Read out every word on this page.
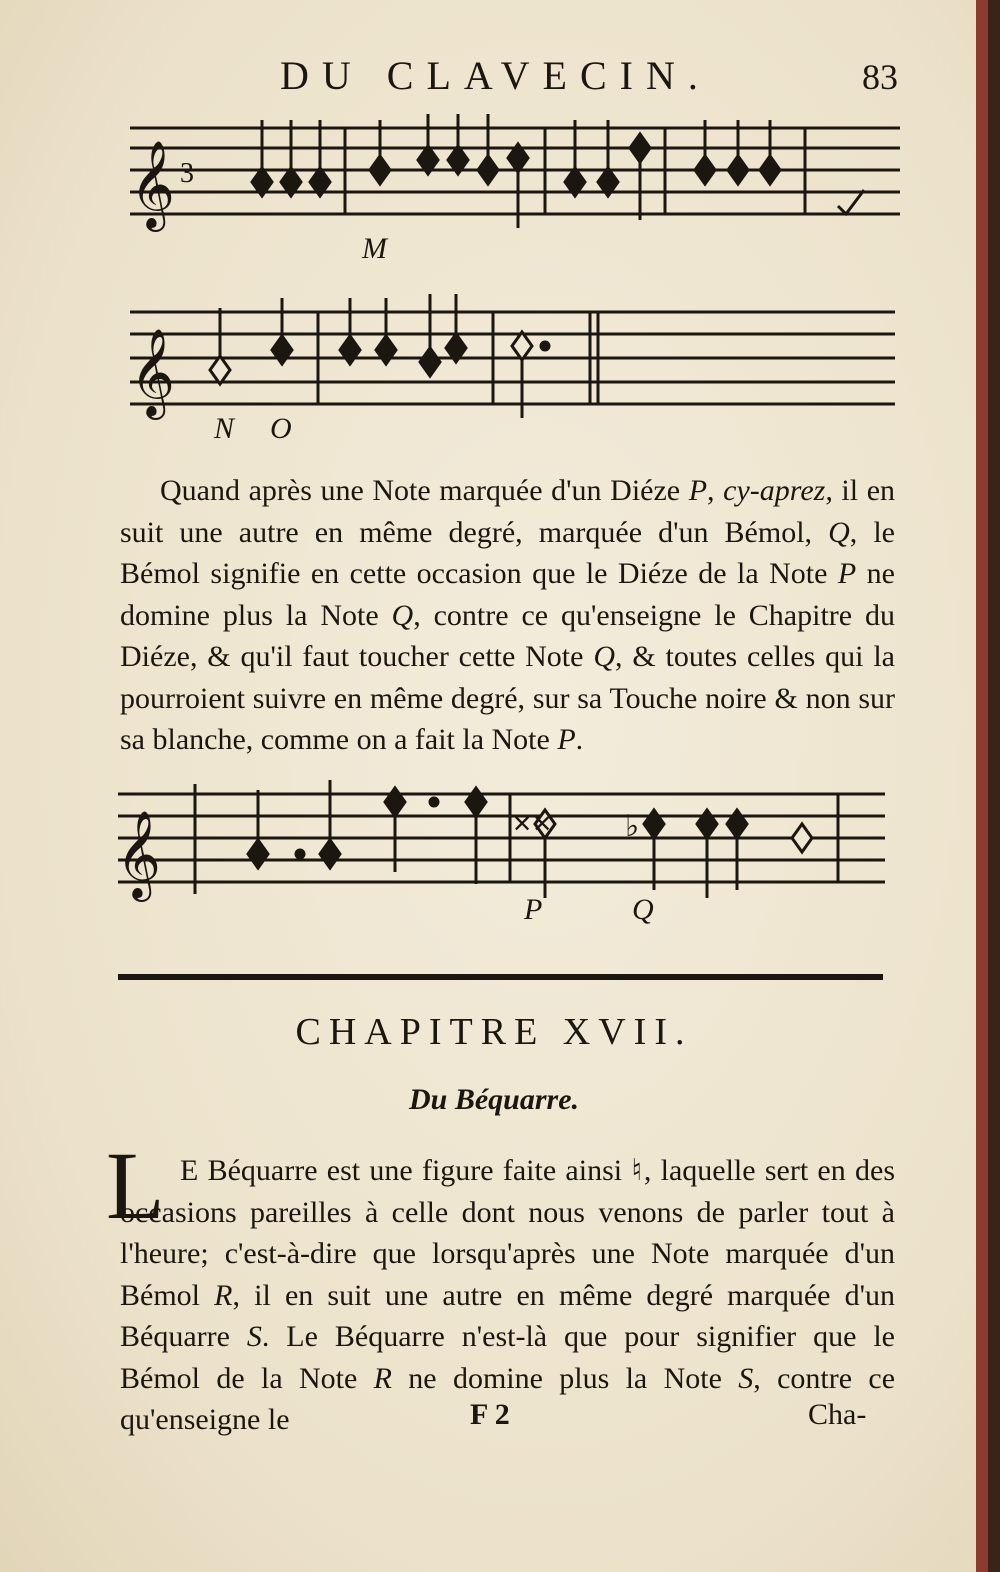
DU CLAVECIN.	83
𝄞 3
M
𝄞
N O
Quand après une Note marquée d'un Diéze P, cy-aprez, il en suit une autre en même degré, marquée d'un Bémol, Q, le Bémol signifie en cette occasion que le Diéze de la Note P ne domine plus la Note Q, contre ce qu'enseigne le Chapitre du Diéze, & qu'il faut toucher cette Note Q, & toutes celles qui la pourroient suivre en même degré, sur sa Touche noire & non sur sa blanche, comme on a fait la Note P.
𝄞	✕✕ ♭
P	Q
CHAPITRE XVII.
Du Béquarre.
L E Béquarre est une figure faite ainsi ♮, laquelle sert en des occasions pareilles à celle dont nous venons de parler tout à l'heure; c'est-à-dire que lorsqu'après une Note marquée d'un Bémol R, il en suit une autre en même degré marquée d'un Béquarre S. Le Béquarre n'est-là que pour signifier que le Bémol de la Note R ne domine plus la Note S, contre ce qu'enseigne le	F 2	Cha-
